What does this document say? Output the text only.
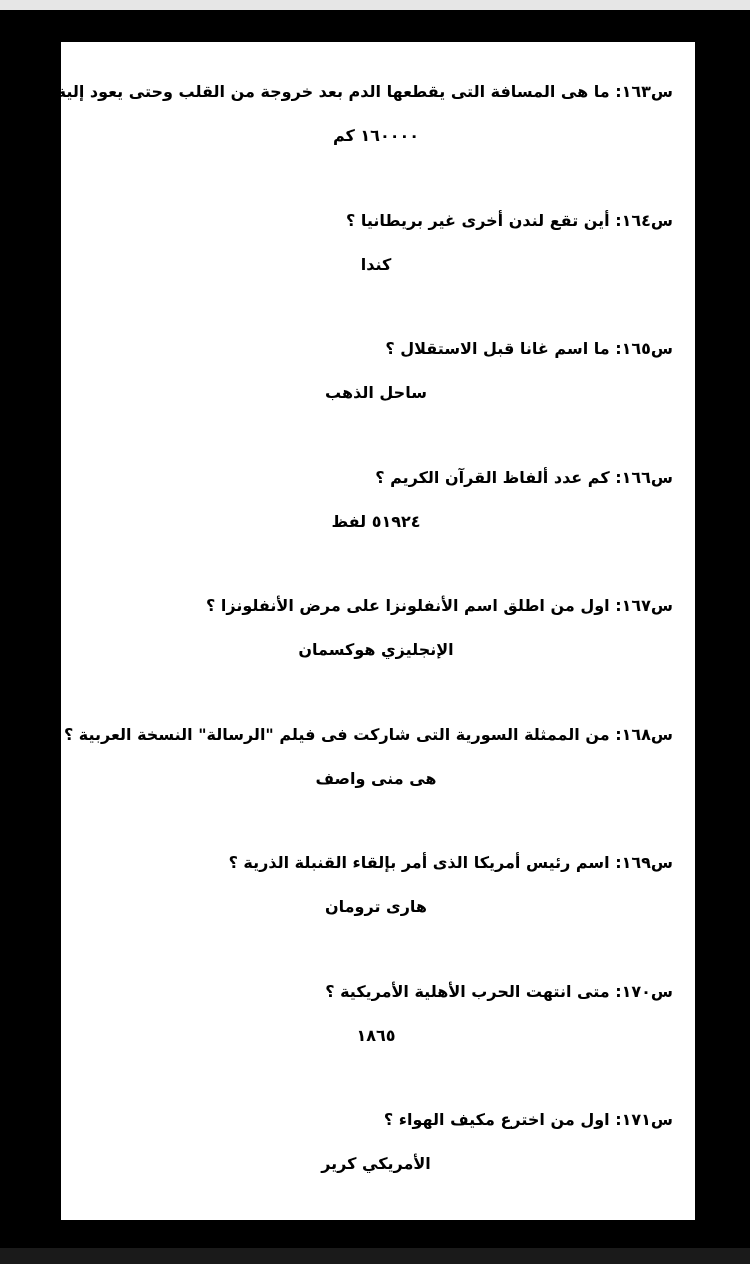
س١٦٣: ما هى المسافة التى يقطعها الدم بعد خروجة من القلب وحتى يعود إلية ثانياً ؟
١٦٠٠٠٠ كم
س١٦٤: أين تقع لندن أخرى غير بريطانيا ؟
كندا
س١٦٥: ما اسم غانا قبل الاستقلال ؟
ساحل الذهب
س١٦٦: كم عدد ألفاظ القرآن الكريم ؟
٥١٩٢٤ لفظ
س١٦٧: اول من اطلق اسم الأنفلونزا على مرض الأنفلونزا ؟
الإنجليزي هوكسمان
س١٦٨: من الممثلة السورية التى شاركت فى فيلم "الرسالة" النسخة العربية ؟
هى منى واصف
س١٦٩: اسم رئيس أمريكا الذى أمر بإلقاء القنبلة الذرية ؟
هارى ترومان
س١٧٠: متى انتهت الحرب الأهلية الأمريكية ؟
١٨٦٥
س١٧١: اول من اخترع مكيف الهواء ؟
الأمريكي كرير
